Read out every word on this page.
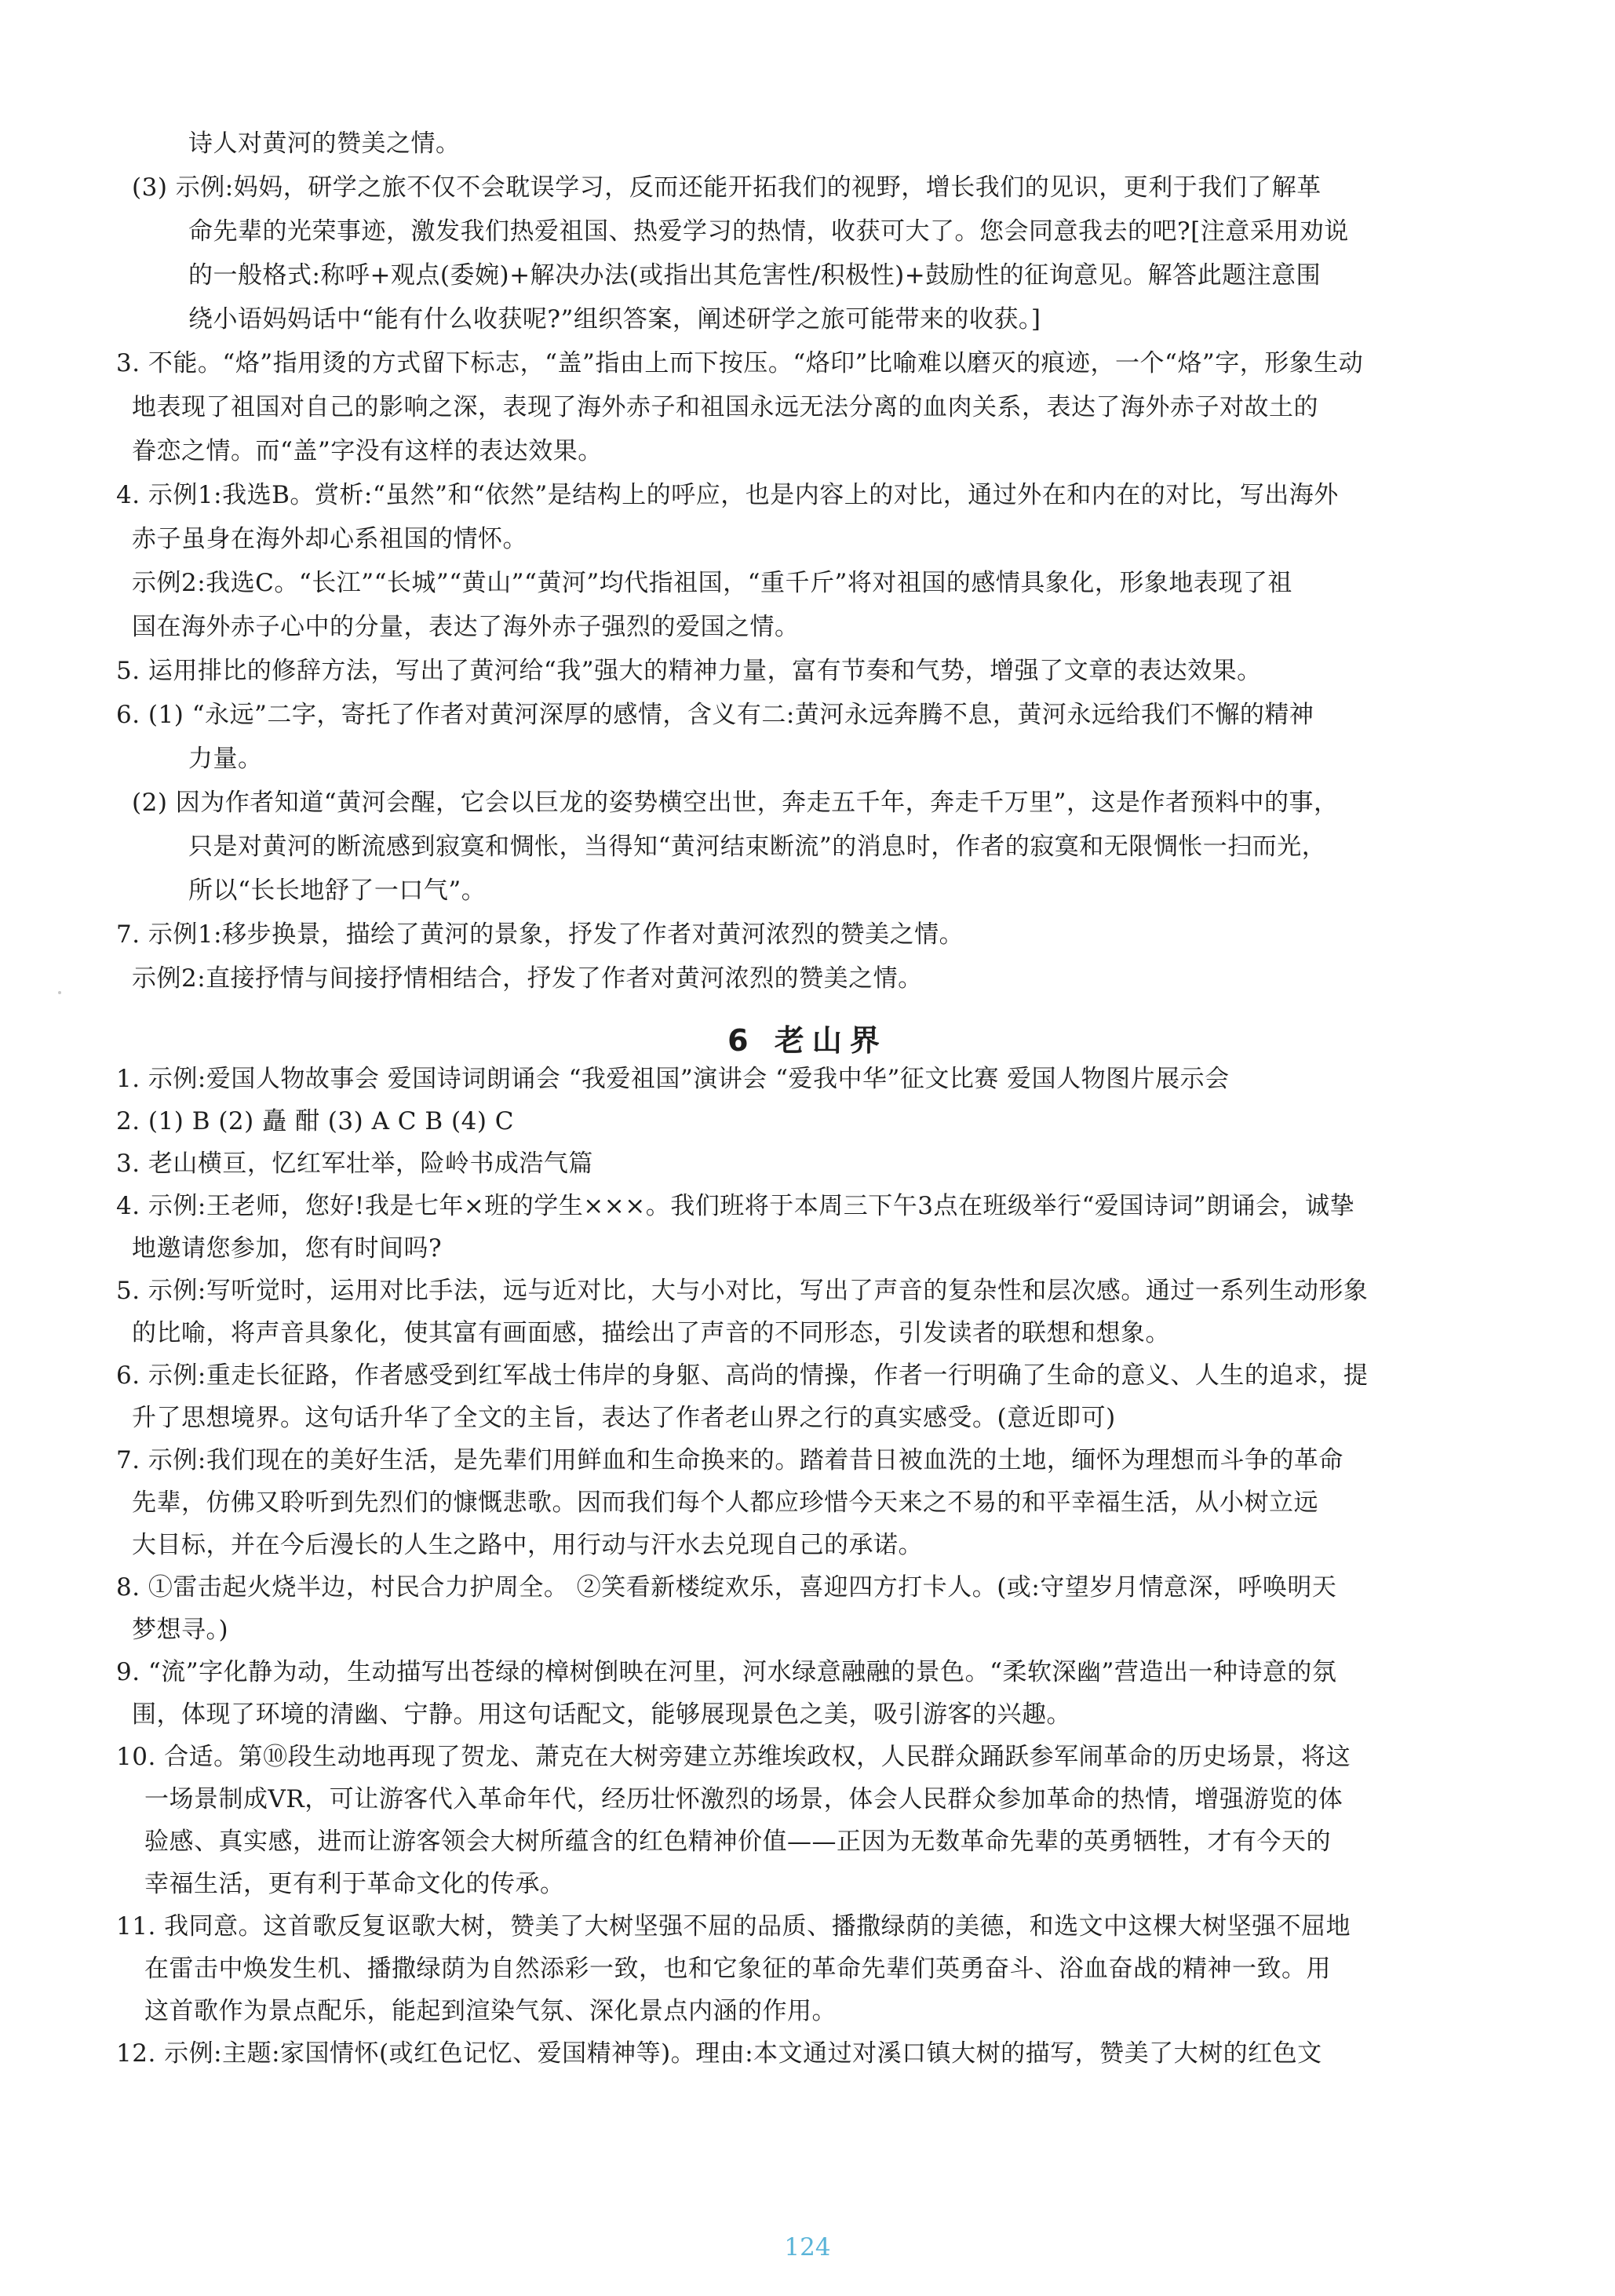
诗人对黄河的赞美之情。
(3) 示例:妈妈，研学之旅不仅不会耽误学习，反而还能开拓我们的视野，增长我们的见识，更利于我们了解革
命先辈的光荣事迹，激发我们热爱祖国、热爱学习的热情，收获可大了。您会同意我去的吧?[注意采用劝说
的一般格式:称呼+观点(委婉)+解决办法(或指出其危害性/积极性)+鼓励性的征询意见。解答此题注意围
绕小语妈妈话中“能有什么收获呢?”组织答案，阐述研学之旅可能带来的收获。]
3. 不能。“烙”指用烫的方式留下标志，“盖”指由上而下按压。“烙印”比喻难以磨灭的痕迹，一个“烙”字，形象生动
地表现了祖国对自己的影响之深，表现了海外赤子和祖国永远无法分离的血肉关系，表达了海外赤子对故土的
眷恋之情。而“盖”字没有这样的表达效果。
4. 示例1:我选B。赏析:“虽然”和“依然”是结构上的呼应，也是内容上的对比，通过外在和内在的对比，写出海外
赤子虽身在海外却心系祖国的情怀。
示例2:我选C。“长江”“长城”“黄山”“黄河”均代指祖国，“重千斤”将对祖国的感情具象化，形象地表现了祖
国在海外赤子心中的分量，表达了海外赤子强烈的爱国之情。
5. 运用排比的修辞方法，写出了黄河给“我”强大的精神力量，富有节奏和气势，增强了文章的表达效果。
6. (1) “永远”二字，寄托了作者对黄河深厚的感情，含义有二:黄河永远奔腾不息，黄河永远给我们不懈的精神
力量。
(2) 因为作者知道“黄河会醒，它会以巨龙的姿势横空出世，奔走五千年，奔走千万里”，这是作者预料中的事，
只是对黄河的断流感到寂寞和惆怅，当得知“黄河结束断流”的消息时，作者的寂寞和无限惆怅一扫而光，
所以“长长地舒了一口气”。
7. 示例1:移步换景，描绘了黄河的景象，抒发了作者对黄河浓烈的赞美之情。
示例2:直接抒情与间接抒情相结合，抒发了作者对黄河浓烈的赞美之情。
6 老山界
1. 示例:爱国人物故事会 爱国诗词朗诵会 “我爱祖国”演讲会 “爱我中华”征文比赛 爱国人物图片展示会
2. (1) B (2) 矗 酣 (3) A C B (4) C
3. 老山横亘，忆红军壮举，险岭书成浩气篇
4. 示例:王老师，您好!我是七年×班的学生×××。我们班将于本周三下午3点在班级举行“爱国诗词”朗诵会，诚挚
地邀请您参加，您有时间吗?
5. 示例:写听觉时，运用对比手法，远与近对比，大与小对比，写出了声音的复杂性和层次感。通过一系列生动形象
的比喻，将声音具象化，使其富有画面感，描绘出了声音的不同形态，引发读者的联想和想象。
6. 示例:重走长征路，作者感受到红军战士伟岸的身躯、高尚的情操，作者一行明确了生命的意义、人生的追求，提
升了思想境界。这句话升华了全文的主旨，表达了作者老山界之行的真实感受。(意近即可)
7. 示例:我们现在的美好生活，是先辈们用鲜血和生命换来的。踏着昔日被血洗的土地，缅怀为理想而斗争的革命
先辈，仿佛又聆听到先烈们的慷慨悲歌。因而我们每个人都应珍惜今天来之不易的和平幸福生活，从小树立远
大目标，并在今后漫长的人生之路中，用行动与汗水去兑现自己的承诺。
8. ①雷击起火烧半边，村民合力护周全。 ②笑看新楼绽欢乐，喜迎四方打卡人。(或:守望岁月情意深，呼唤明天
梦想寻。)
9. “流”字化静为动，生动描写出苍绿的樟树倒映在河里，河水绿意融融的景色。“柔软深幽”营造出一种诗意的氛
围，体现了环境的清幽、宁静。用这句话配文，能够展现景色之美，吸引游客的兴趣。
10. 合适。第⑩段生动地再现了贺龙、萧克在大树旁建立苏维埃政权，人民群众踊跃参军闹革命的历史场景，将这
一场景制成VR，可让游客代入革命年代，经历壮怀激烈的场景，体会人民群众参加革命的热情，增强游览的体
验感、真实感，进而让游客领会大树所蕴含的红色精神价值——正因为无数革命先辈的英勇牺牲，才有今天的
幸福生活，更有利于革命文化的传承。
11. 我同意。这首歌反复讴歌大树，赞美了大树坚强不屈的品质、播撒绿荫的美德，和选文中这棵大树坚强不屈地
在雷击中焕发生机、播撒绿荫为自然添彩一致，也和它象征的革命先辈们英勇奋斗、浴血奋战的精神一致。用
这首歌作为景点配乐，能起到渲染气氛、深化景点内涵的作用。
12. 示例:主题:家国情怀(或红色记忆、爱国精神等)。理由:本文通过对溪口镇大树的描写，赞美了大树的红色文
124
